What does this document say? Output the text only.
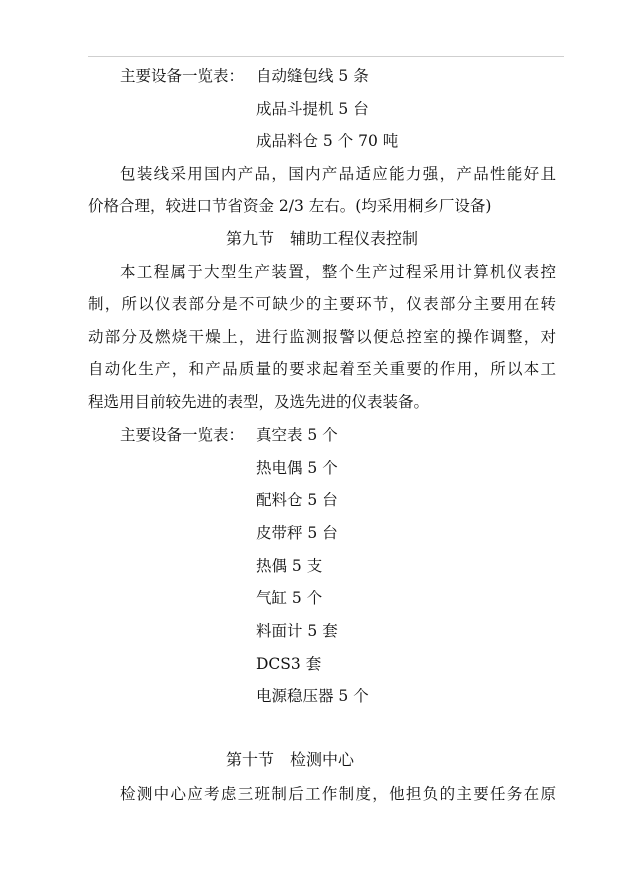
主要设备一览表： 自动缝包线 5 条
成品斗提机 5 台
成品料仓 5 个 70 吨
包装线采用国内产品，国内产品适应能力强，产品性能好且
价格合理，较进口节省资金 2/3 左右。(均采用桐乡厂设备)
第九节　辅助工程仪表控制
本工程属于大型生产装置，整个生产过程采用计算机仪表控
制，所以仪表部分是不可缺少的主要环节，仪表部分主要用在转
动部分及燃烧干燥上，进行监测报警以便总控室的操作调整，对
自动化生产，和产品质量的要求起着至关重要的作用，所以本工
程选用目前较先进的表型，及选先进的仪表装备。
主要设备一览表： 真空表 5 个
热电偶 5 个
配料仓 5 台
皮带秤 5 台
热偶 5 支
气缸 5 个
料面计 5 套
DCS3 套
电源稳压器 5 个
第十节　检测中心
检测中心应考虑三班制后工作制度，他担负的主要任务在原
